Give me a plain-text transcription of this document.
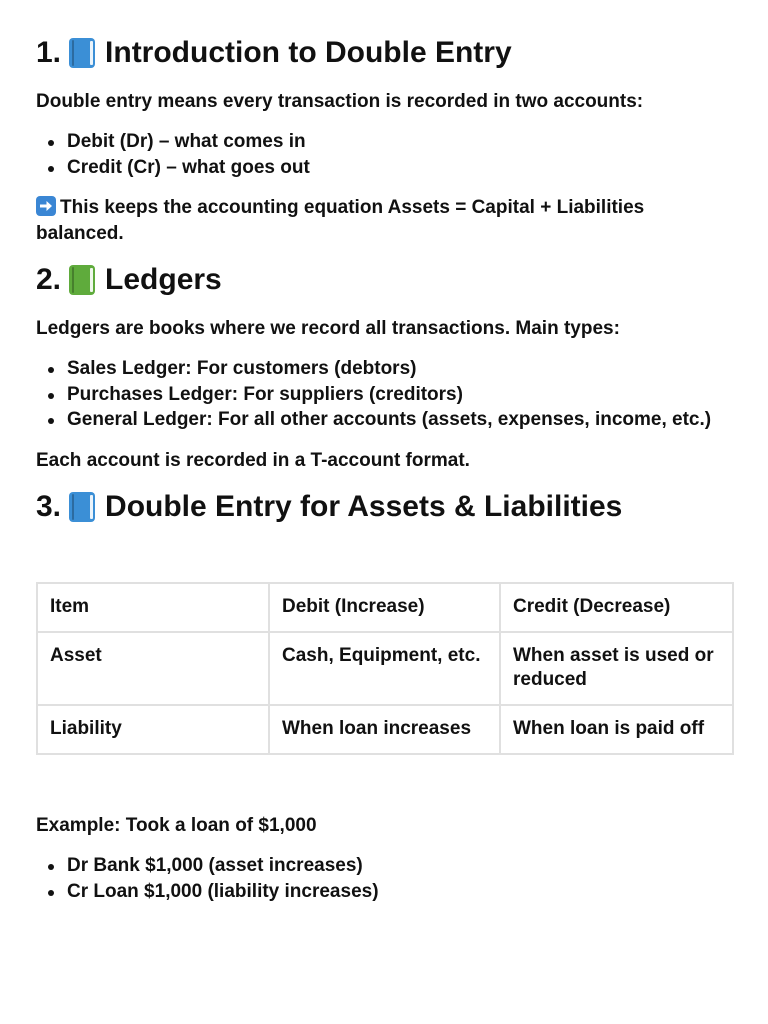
1. Introduction to Double Entry

Double entry means every transaction is recorded in two accounts:

Debit (Dr) – what comes in
Credit (Cr) – what goes out

This keeps the accounting equation Assets = Capital + Liabilities
balanced.

2. Ledgers

Ledgers are books where we record all transactions. Main types:

Sales Ledger: For customers (debtors)
Purchases Ledger: For suppliers (creditors)
General Ledger: For all other accounts (assets, expenses, income, etc.)

Each account is recorded in a T-account format.

3. Double Entry for Assets & Liabilities
Item	Debit (Increase)	Credit (Decrease)
Asset	Cash, Equipment, etc.	When asset is used or reduced
Liability	When loan increases	When loan is paid off

Example: Took a loan of $1,000

Dr Bank $1,000 (asset increases)
Cr Loan $1,000 (liability increases)
